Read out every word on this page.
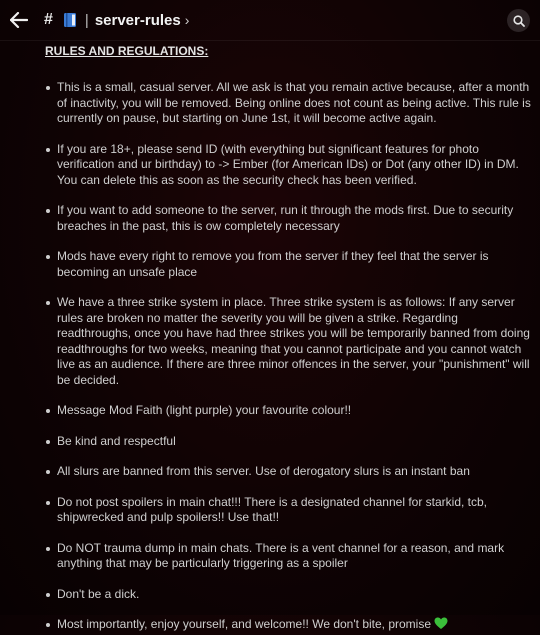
# | server-rules ›
RULES AND REGULATIONS:
This is a small, casual server. All we ask is that you remain active because, after a month of inactivity, you will be removed. Being online does not count as being active. This rule is currently on pause, but starting on June 1st, it will become active again.
If you are 18+, please send ID (with everything but significant features for photo verification and ur birthday) to -> Ember (for American IDs) or Dot (any other ID) in DM. You can delete this as soon as the security check has been verified.
If you want to add someone to the server, run it through the mods first. Due to security breaches in the past, this is ow completely necessary
Mods have every right to remove you from the server if they feel that the server is becoming an unsafe place
We have a three strike system in place. Three strike system is as follows: If any server rules are broken no matter the severity you will be given a strike. Regarding readthroughs, once you have had three strikes you will be temporarily banned from doing readthroughs for two weeks, meaning that you cannot participate and you cannot watch live as an audience. If there are three minor offences in the server, your "punishment" will be decided.
Message Mod Faith (light purple) your favourite colour!!
Be kind and respectful
All slurs are banned from this server. Use of derogatory slurs is an instant ban
Do not post spoilers in main chat!!! There is a designated channel for starkid, tcb, shipwrecked and pulp spoilers!! Use that!!
Do NOT trauma dump in main chats. There is a vent channel for a reason, and mark anything that may be particularly triggering as a spoiler
Don't be a dick.
Most importantly, enjoy yourself, and welcome!! We don't bite, promise
